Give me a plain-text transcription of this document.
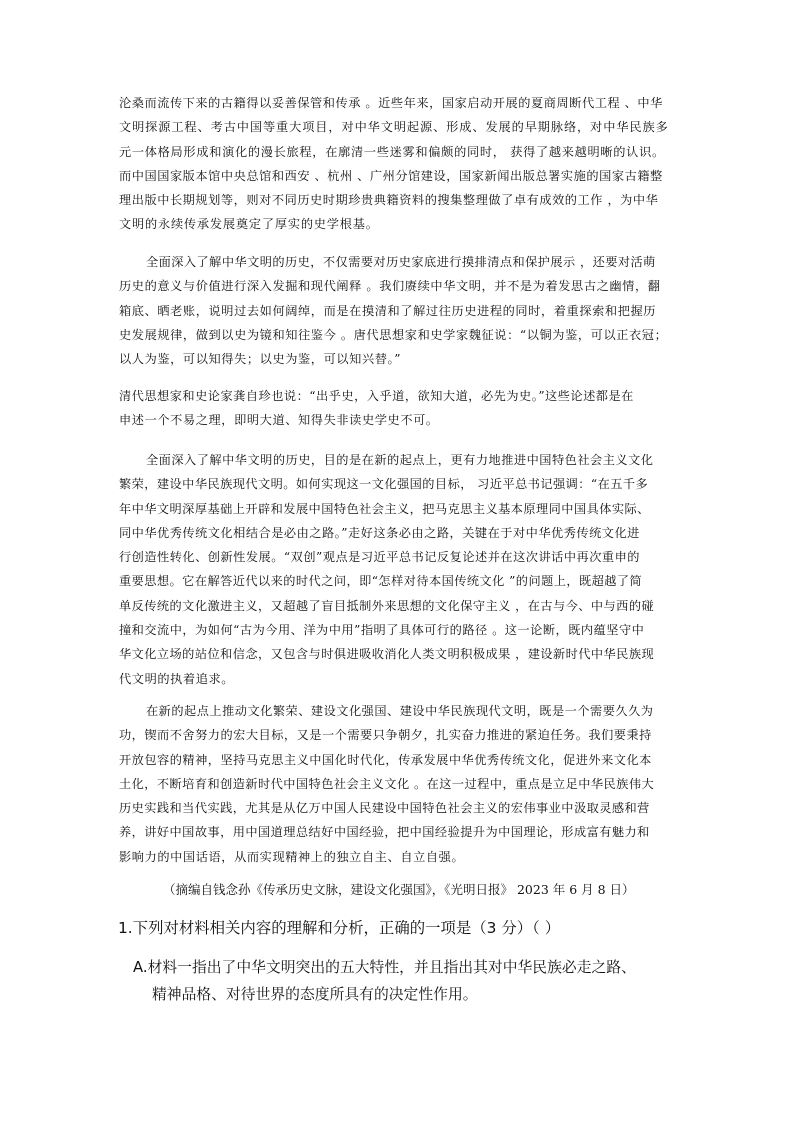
沦桑而流传下来的古籍得以妥善保管和传承 。近些年来，国家启动开展的夏商周断代工程 、中华
文明探源工程、考古中国等重大项目，对中华文明起源、形成、发展的早期脉络，对中华民族多
元一体格局形成和演化的漫长旅程，在廓清一些迷雾和偏颇的同时， 获得了越来越明晰的认识。
而中国国家版本馆中央总馆和西安 、杭州 、广州分馆建设，国家新闻出版总署实施的国家古籍整
理出版中长期规划等，则对不同历史时期珍贵典籍资料的搜集整理做了卓有成效的工作 ，为中华
文明的永续传承发展奠定了厚实的史学根基。
全面深入了解中华文明的历史，不仅需要对历史家底进行摸排清点和保护展示 ，还要对活萌
历史的意义与价值进行深入发掘和现代阐释 。我们赓续中华文明，并不是为着发思古之幽情，翻
箱底、晒老账，说明过去如何阔绰，而是在摸清和了解过往历史进程的同时，着重探索和把握历
史发展规律，做到以史为镜和知往鉴今 。唐代思想家和史学家魏征说：“以铜为鉴，可以正衣冠；
以人为鉴，可以知得失；以史为鉴，可以知兴替。”
清代思想家和史论家龚自珍也说：“出乎史，入乎道，欲知大道，必先为史。”这些论述都是在
申述一个不易之理，即明大道、知得失非读史学史不可。
全面深入了解中华文明的历史，目的是在新的起点上，更有力地推进中国特色社会主义文化
繁荣，建设中华民族现代文明。如何实现这一文化强国的目标， 习近平总书记强调：“在五千多
年中华文明深厚基础上开辟和发展中国特色社会主义，把马克思主义基本原理同中国具体实际、
同中华优秀传统文化相结合是必由之路。”走好这条必由之路，关键在于对中华优秀传统文化进
行创造性转化、创新性发展。“双创”观点是习近平总书记反复论述并在这次讲话中再次重申的
重要思想。它在解答近代以来的时代之问，即“怎样对待本国传统文化 ”的问题上，既超越了简
单反传统的文化激进主义，又超越了盲目抵制外来思想的文化保守主义 ，在古与今、中与西的碰
撞和交流中，为如何“古为今用、洋为中用”指明了具体可行的路径 。这一论断，既内蕴坚守中
华文化立场的站位和信念，又包含与时俱进吸收消化人类文明积极成果 ，建设新时代中华民族现
代文明的执着追求。
在新的起点上推动文化繁荣、建设文化强国、建设中华民族现代文明，既是一个需要久久为
功，锲而不舍努力的宏大目标，又是一个需要只争朝夕，扎实奋力推进的紧迫任务。我们要秉持
开放包容的精神，坚持马克思主义中国化时代化，传承发展中华优秀传统文化，促进外来文化本
土化，不断培育和创造新时代中国特色社会主义文化 。在这一过程中，重点是立足中华民族伟大
历史实践和当代实践，尤其是从亿万中国人民建设中国特色社会主义的宏伟事业中汲取灵感和营
养，讲好中国故事，用中国道理总结好中国经验，把中国经验提升为中国理论，形成富有魅力和
影响力的中国话语，从而实现精神上的独立自主、自立自强。

（摘编自钱念孙《传承历史文脉，建设文化强国》，《光明日报》 2023 年 6 月 8 日）

1.下列对材料相关内容的理解和分析，正确的一项是（3 分）（ ）

A.材料一指出了中华文明突出的五大特性，并且指出其对中华民族必走之路、
精神品格、对待世界的态度所具有的决定性作用。
